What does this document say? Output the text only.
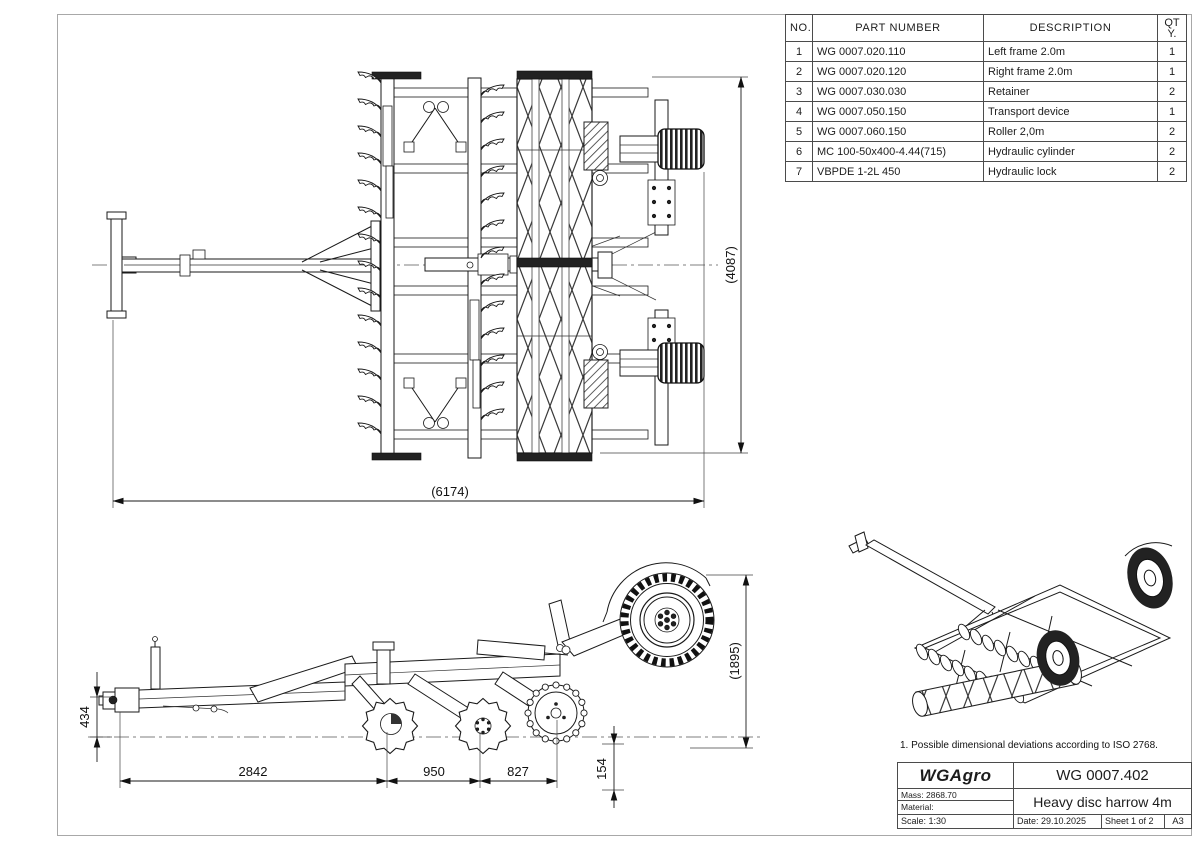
(6174)
(4087)
434
2842	950	827	154
(1895)
NO.	PART NUMBER	DESCRIPTION	QTY.
1	WG 0007.020.110	Left frame 2.0m	1
2	WG 0007.020.120	Right frame 2.0m	1
3	WG 0007.030.030	Retainer	2
4	WG 0007.050.150	Transport device	1
5	WG 0007.060.150	Roller 2,0m	2
6	MC 100-50x400-4.44(715)	Hydraulic cylinder	2
7	VBPDE 1-2L 450	Hydraulic lock	2
1. Possible dimensional deviations according to ISO 2768.
WGAgro	WG 0007.402
Mass: 2868.70
Material:	Heavy disc harrow 4m
Scale: 1:30	Date: 29.10.2025	Sheet 1 of 2	A3
